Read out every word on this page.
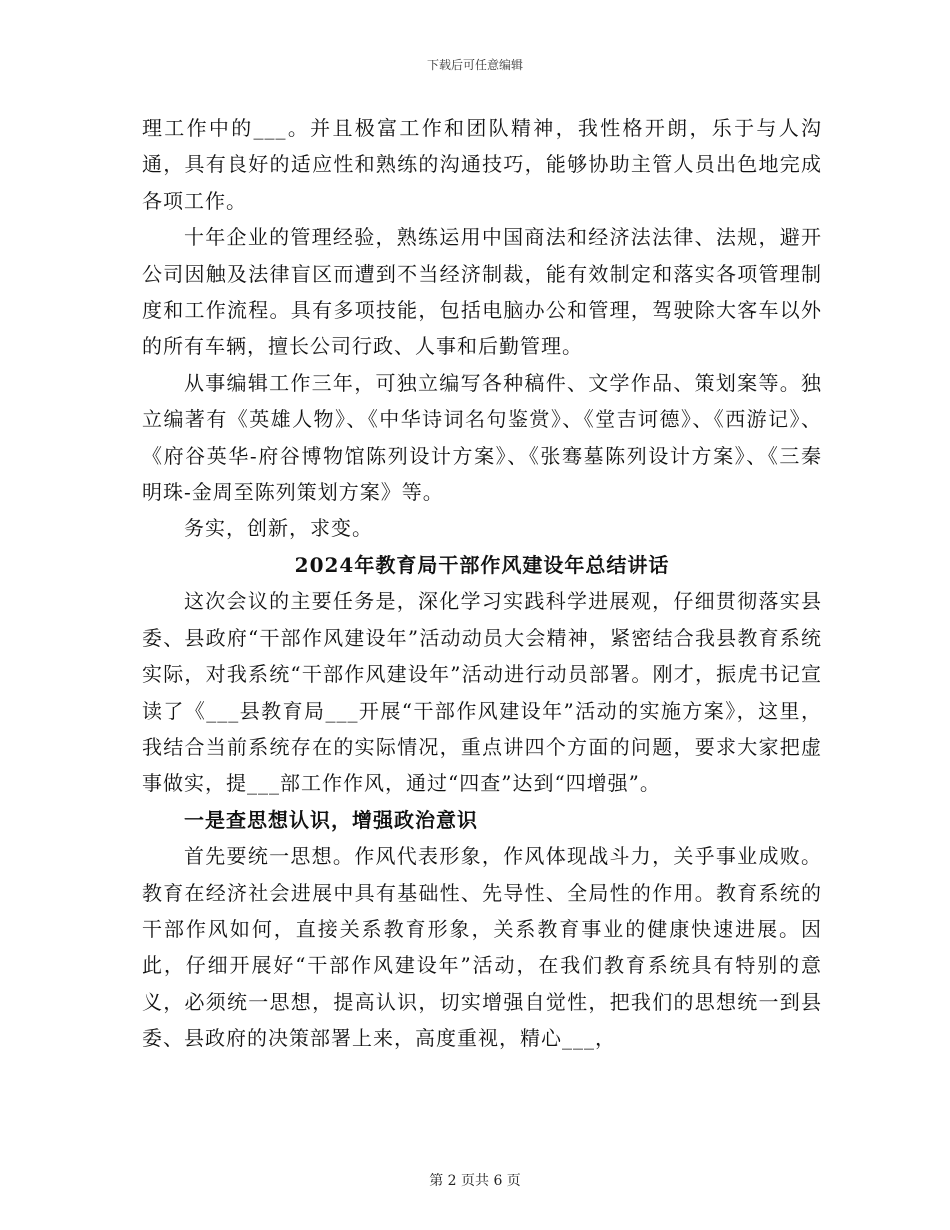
下载后可任意编辑

理工作中的___。并且极富工作和团队精神，我性格开朗，乐于与人沟通，具有良好的适应性和熟练的沟通技巧，能够协助主管人员出色地完成各项工作。

十年企业的管理经验，熟练运用中国商法和经济法法律、法规，避开公司因触及法律盲区而遭到不当经济制裁，能有效制定和落实各项管理制度和工作流程。具有多项技能，包括电脑办公和管理，驾驶除大客车以外的所有车辆，擅长公司行政、人事和后勤管理。

从事编辑工作三年，可独立编写各种稿件、文学作品、策划案等。独立编著有《英雄人物》、《中华诗词名句鉴赏》、《堂吉诃德》、《西游记》、《府谷英华-府谷博物馆陈列设计方案》、《张骞墓陈列设计方案》、《三秦明珠-金周至陈列策划方案》等。

务实，创新，求变。

2024年教育局干部作风建设年总结讲话

这次会议的主要任务是，深化学习实践科学进展观，仔细贯彻落实县委、县政府“干部作风建设年”活动动员大会精神，紧密结合我县教育系统实际，对我系统“干部作风建设年”活动进行动员部署。刚才，振虎书记宣读了《___县教育局___开展“干部作风建设年”活动的实施方案》，这里，我结合当前系统存在的实际情况，重点讲四个方面的问题，要求大家把虚事做实，提___部工作作风，通过“四查”达到“四增强”。

一是查思想认识，增强政治意识

首先要统一思想。作风代表形象，作风体现战斗力，关乎事业成败。教育在经济社会进展中具有基础性、先导性、全局性的作用。教育系统的干部作风如何，直接关系教育形象，关系教育事业的健康快速进展。因此，仔细开展好“干部作风建设年”活动，在我们教育系统具有特别的意义，必须统一思想，提高认识，切实增强自觉性，把我们的思想统一到县委、县政府的决策部署上来，高度重视，精心___，

第 2 页共 6 页
